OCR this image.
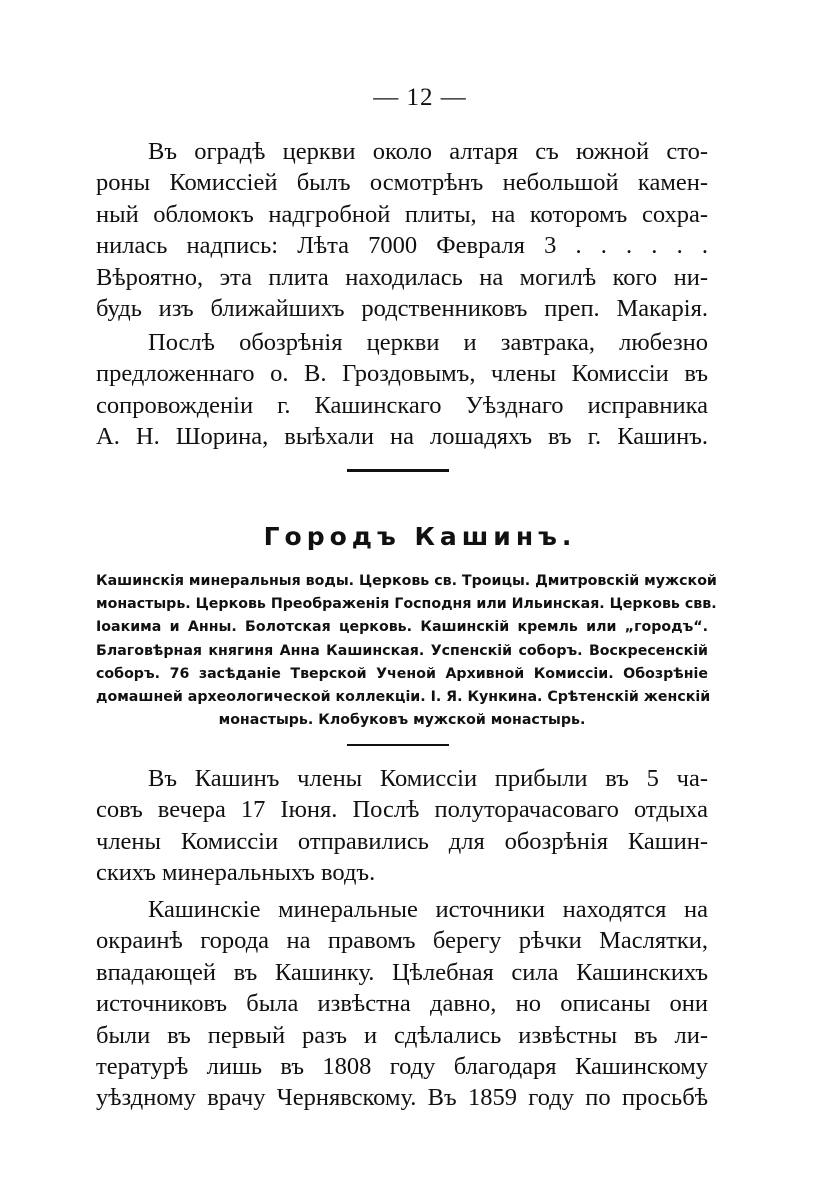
— 12 —
Въ оградѣ церкви около алтаря съ южной сто-
роны Комиссіей былъ осмотрѣнъ небольшой камен-
ный обломокъ надгробной плиты, на которомъ сохра-
нилась надпись: Лѣта 7000 Февраля 3 . . . . . .
Вѣроятно, эта плита находилась на могилѣ кого ни-
будь изъ ближайшихъ родственниковъ преп. Макарія.
Послѣ обозрѣнія церкви и завтрака, любезно
предложеннаго о. В. Гроздовымъ, члены Комиссіи въ
сопровожденіи г. Кашинскаго Уѣзднаго исправника
А. Н. Шорина, выѣхали на лошадяхъ въ г. Кашинъ.
Городъ Кашинъ.
Кашинскія минеральныя воды. Церковь св. Троицы. Дмитровскій мужской
монастырь. Церковь Преображенія Господня или Ильинская. Церковь свв.
Іоакима и Анны. Болотская церковь. Кашинскій кремль или „городъ“.
Благовѣрная княгиня Анна Кашинская. Успенскій соборъ. Воскресенскій
соборъ. 76 засѣданіе Тверской Ученой Архивной Комиссіи. Обозрѣніе
домашней археологической коллекціи. І. Я. Кункина. Срѣтенскій женскій
монастырь. Клобуковъ мужской монастырь.
Въ Кашинъ члены Комиссіи прибыли въ 5 ча-
совъ вечера 17 Іюня. Послѣ полуторачасоваго отдыха
члены Комиссіи отправились для обозрѣнія Кашин-
скихъ минеральныхъ водъ.
Кашинскіе минеральные источники находятся на
окраинѣ города на правомъ берегу рѣчки Маслятки,
впадающей въ Кашинку. Цѣлебная сила Кашинскихъ
источниковъ была извѣстна давно, но описаны они
были въ первый разъ и сдѣлались извѣстны въ ли-
тературѣ лишь въ 1808 году благодаря Кашинскому
уѣздному врачу Чернявскому. Въ 1859 году по просьбѣ
